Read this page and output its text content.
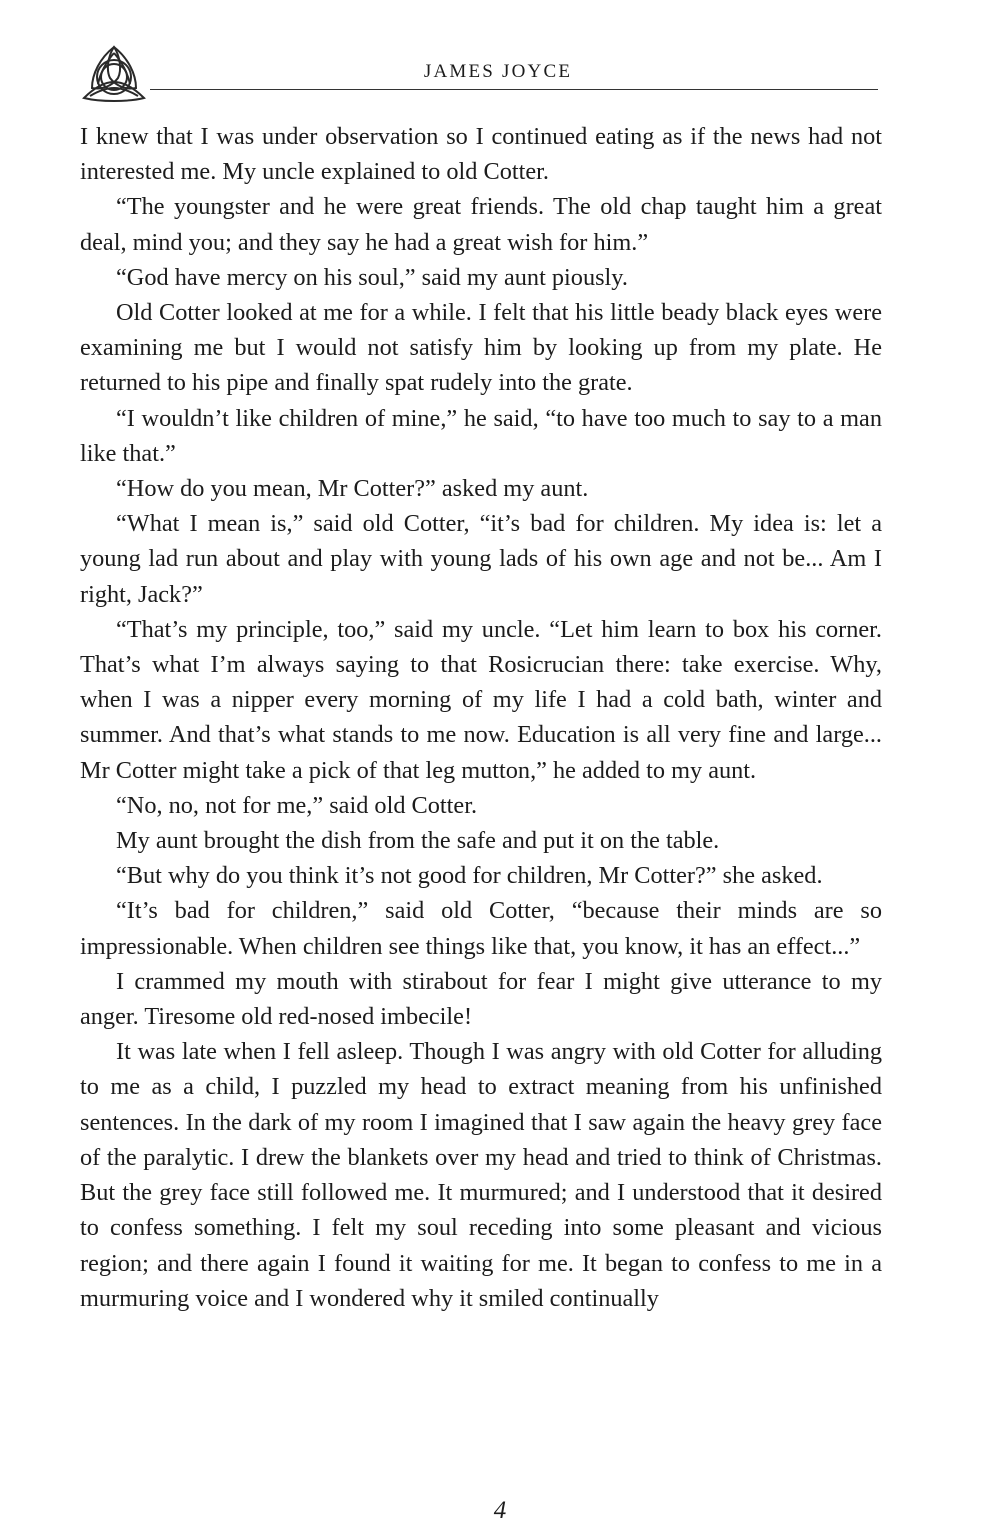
JAMES JOYCE

I knew that I was under observation so I continued eating as if the news had not interested me. My uncle explained to old Cotter.

“The youngster and he were great friends. The old chap taught him a great deal, mind you; and they say he had a great wish for him.”

“God have mercy on his soul,” said my aunt piously.

Old Cotter looked at me for a while. I felt that his little beady black eyes were examining me but I would not satisfy him by looking up from my plate. He returned to his pipe and finally spat rudely into the grate.

“I wouldn’t like children of mine,” he said, “to have too much to say to a man like that.”

“How do you mean, Mr Cotter?” asked my aunt.

“What I mean is,” said old Cotter, “it’s bad for children. My idea is: let a young lad run about and play with young lads of his own age and not be... Am I right, Jack?”

“That’s my principle, too,” said my uncle. “Let him learn to box his corner. That’s what I’m always saying to that Rosicrucian there: take exercise. Why, when I was a nipper every morning of my life I had a cold bath, winter and summer. And that’s what stands to me now. Education is all very fine and large... Mr Cotter might take a pick of that leg mutton,” he added to my aunt.

“No, no, not for me,” said old Cotter.

My aunt brought the dish from the safe and put it on the table.

“But why do you think it’s not good for children, Mr Cotter?” she asked.

“It’s bad for children,” said old Cotter, “because their minds are so impressionable. When children see things like that, you know, it has an effect...”

I crammed my mouth with stirabout for fear I might give utterance to my anger. Tiresome old red-nosed imbecile!

It was late when I fell asleep. Though I was angry with old Cotter for alluding to me as a child, I puzzled my head to extract meaning from his unfinished sentences. In the dark of my room I imagined that I saw again the heavy grey face of the paralytic. I drew the blankets over my head and tried to think of Christmas. But the grey face still followed me. It murmured; and I understood that it desired to confess something. I felt my soul receding into some pleasant and vicious region; and there again I found it waiting for me. It began to confess to me in a murmuring voice and I wondered why it smiled continually

4
